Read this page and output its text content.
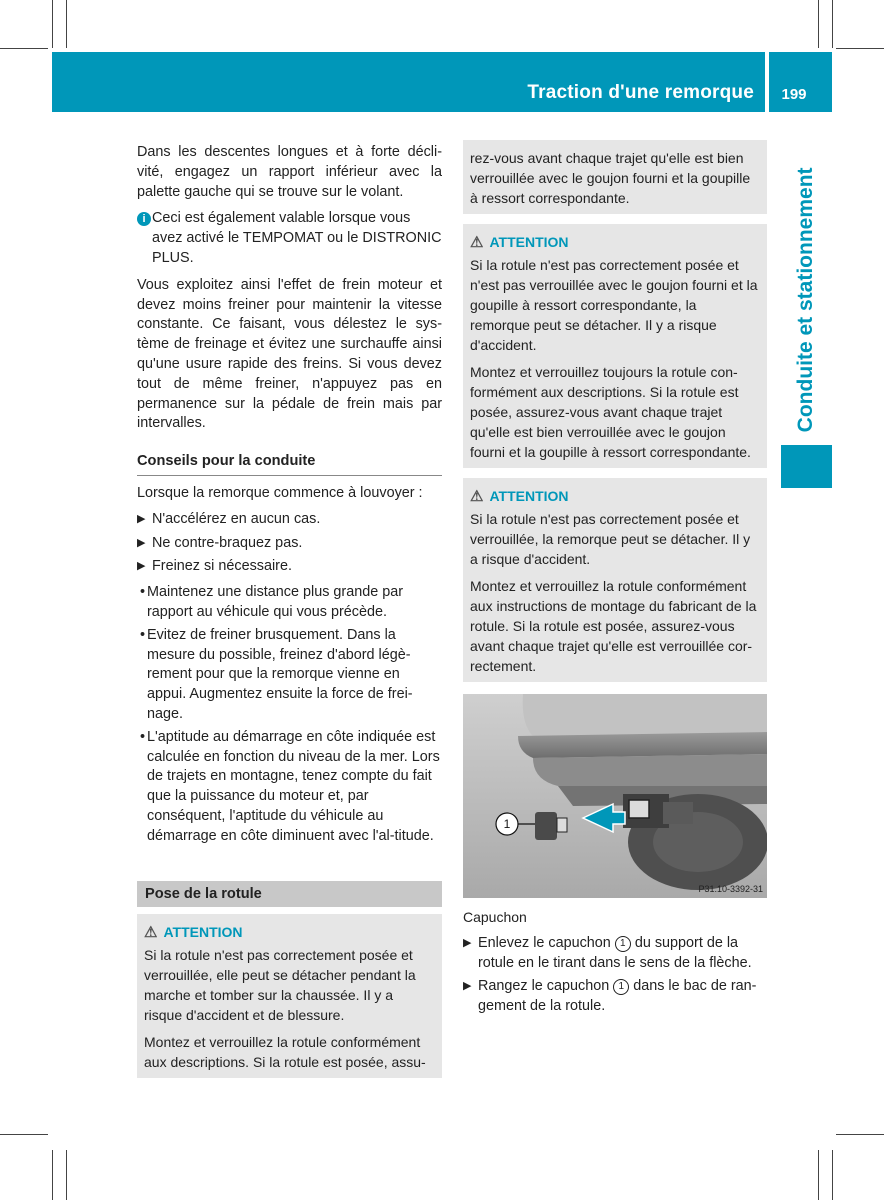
Traction d'une remorque	199
Conduite et stationnement

Dans les descentes longues et à forte décli-vité, engagez un rapport inférieur avec la palette gauche qui se trouve sur le volant.

i Ceci est également valable lorsque vous avez activé le TEMPOMAT ou le DISTRONIC PLUS.

Vous exploitez ainsi l'effet de frein moteur et devez moins freiner pour maintenir la vitesse constante. Ce faisant, vous délestez le sys-tème de freinage et évitez une surchauffe ainsi qu'une usure rapide des freins. Si vous devez tout de même freiner, n'appuyez pas en permanence sur la pédale de frein mais par intervalles.

Conseils pour la conduite

Lorsque la remorque commence à louvoyer :

▶ N'accélérez en aucun cas.
▶ Ne contre-braquez pas.
▶ Freinez si nécessaire.
• Maintenez une distance plus grande par rapport au véhicule qui vous précède.
• Evitez de freiner brusquement. Dans la mesure du possible, freinez d'abord légè-rement pour que la remorque vienne en appui. Augmentez ensuite la force de frei-nage.
• L'aptitude au démarrage en côte indiquée est calculée en fonction du niveau de la mer. Lors de trajets en montagne, tenez compte du fait que la puissance du moteur et, par conséquent, l'aptitude du véhicule au démarrage en côte diminuent avec l'al-titude.
Pose de la rotule
⚠ ATTENTION

Si la rotule n'est pas correctement posée et verrouillée, elle peut se détacher pendant la marche et tomber sur la chaussée. Il y a risque d'accident et de blessure.

Montez et verrouillez la rotule conformément aux descriptions. Si la rotule est posée, assu-

rez-vous avant chaque trajet qu'elle est bien verrouillée avec le goujon fourni et la goupille à ressort correspondante.

⚠ ATTENTION

Si la rotule n'est pas correctement posée et n'est pas verrouillée avec le goujon fourni et la goupille à ressort correspondante, la remorque peut se détacher. Il y a risque d'accident.

Montez et verrouillez toujours la rotule con-formément aux descriptions. Si la rotule est posée, assurez-vous avant chaque trajet qu'elle est bien verrouillée avec le goujon fourni et la goupille à ressort correspondante.

⚠ ATTENTION

Si la rotule n'est pas correctement posée et verrouillée, la remorque peut se détacher. Il y a risque d'accident.

Montez et verrouillez la rotule conformément aux instructions de montage du fabricant de la rotule. Si la rotule est posée, assurez-vous avant chaque trajet qu'elle est verrouillée cor-rectement.

1
P31.10-3392-31
Capuchon
▶ Enlevez le capuchon 1 du support de la rotule en le tirant dans le sens de la flèche.
▶ Rangez le capuchon 1 dans le bac de ran-gement de la rotule.
